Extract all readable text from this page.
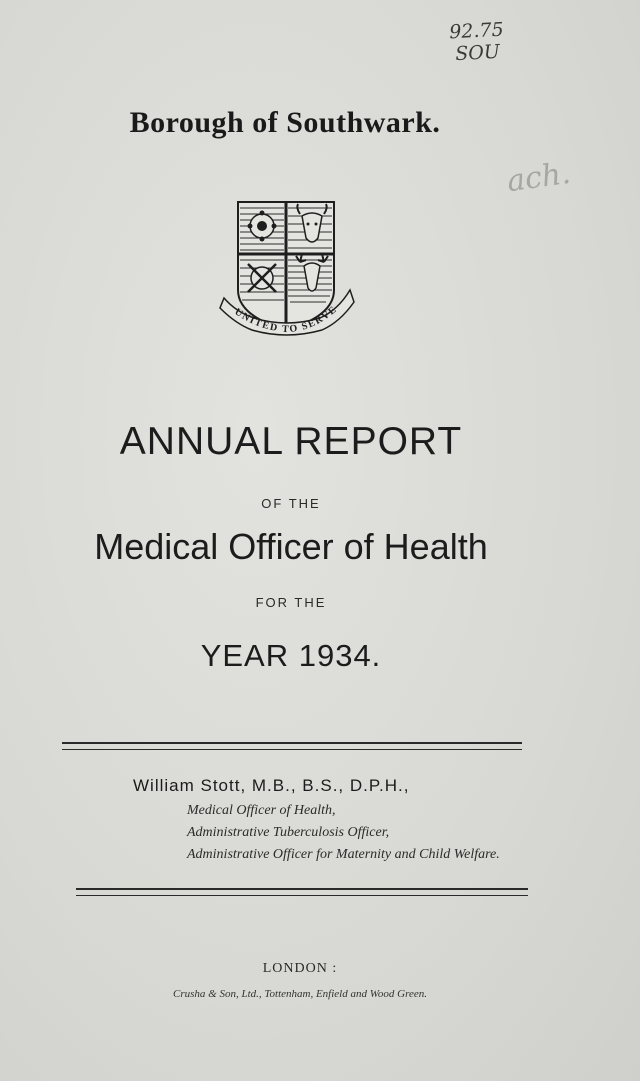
92.75
SOU
ach.
Borough of Southwark.
UNITED TO SERVE
ANNUAL REPORT
OF THE
Medical Officer of Health
FOR THE
YEAR 1934.
William Stott, M.B., B.S., D.P.H.,
Medical Officer of Health,
Administrative Tuberculosis Officer,
Administrative Officer for Maternity and Child Welfare.
LONDON :
Crusha & Son, Ltd., Tottenham, Enfield and Wood Green.
